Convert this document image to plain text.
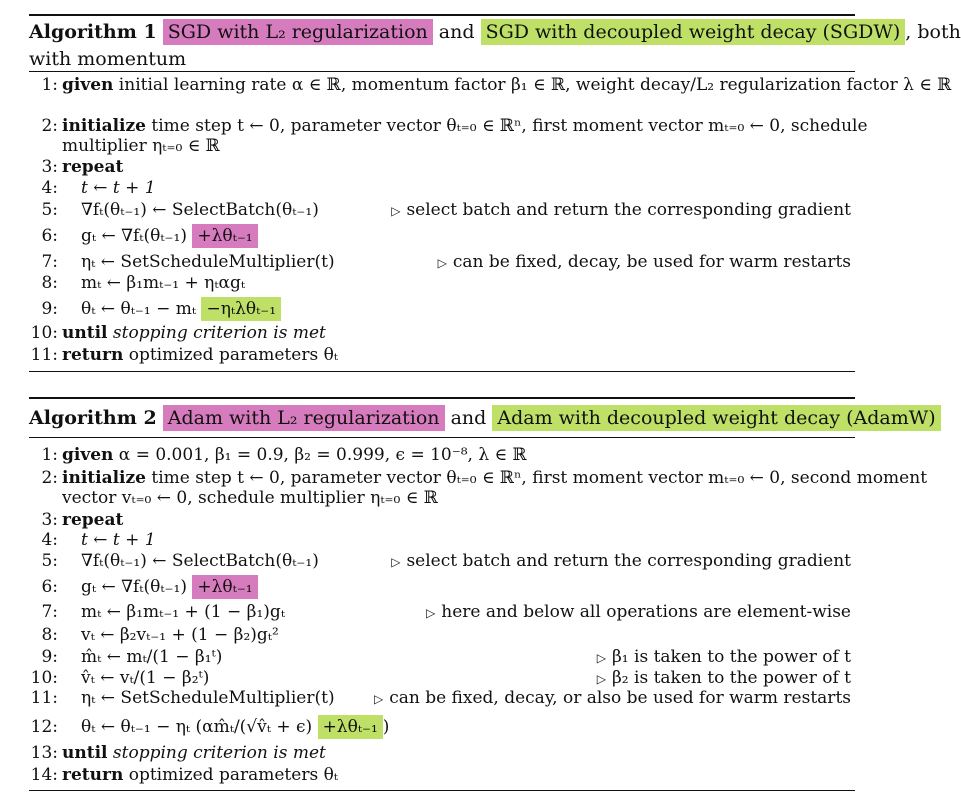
Algorithm 1 SGD with L₂ regularization and SGD with decoupled weight decay (SGDW) , both
with momentum
1: given initial learning rate α ∈ ℝ, momentum factor β₁ ∈ ℝ, weight decay/L₂ regularization factor λ ∈ ℝ
2: initialize time step t ← 0, parameter vector θₜ₌₀ ∈ ℝⁿ, first moment vector mₜ₌₀ ← 0, schedule
multiplier ηₜ₌₀ ∈ ℝ
3: repeat
4: t ← t + 1
5: ∇fₜ(θₜ₋₁) ← SelectBatch(θₜ₋₁)	▷ select batch and return the corresponding gradient
6: gₜ ← ∇fₜ(θₜ₋₁) +λθₜ₋₁
7: ηₜ ← SetScheduleMultiplier(t)	▷ can be fixed, decay, be used for warm restarts
8: mₜ ← β₁mₜ₋₁ + ηₜαgₜ
9: θₜ ← θₜ₋₁ − mₜ −ηₜλθₜ₋₁
10: until stopping criterion is met
11: return optimized parameters θₜ
Algorithm 2 Adam with L₂ regularization and Adam with decoupled weight decay (AdamW)
1: given α = 0.001, β₁ = 0.9, β₂ = 0.999, ϵ = 10⁻⁸, λ ∈ ℝ
2: initialize time step t ← 0, parameter vector θₜ₌₀ ∈ ℝⁿ, first moment vector mₜ₌₀ ← 0, second moment
vector vₜ₌₀ ← 0, schedule multiplier ηₜ₌₀ ∈ ℝ
3: repeat
4: t ← t + 1
5: ∇fₜ(θₜ₋₁) ← SelectBatch(θₜ₋₁)	▷ select batch and return the corresponding gradient
6: gₜ ← ∇fₜ(θₜ₋₁) +λθₜ₋₁
7: mₜ ← β₁mₜ₋₁ + (1 − β₁)gₜ	▷ here and below all operations are element-wise
8: vₜ ← β₂vₜ₋₁ + (1 − β₂)gₜ²
9: m̂ₜ ← mₜ/(1 − β₁ᵗ)	▷ β₁ is taken to the power of t
10: v̂ₜ ← vₜ/(1 − β₂ᵗ)	▷ β₂ is taken to the power of t
11: ηₜ ← SetScheduleMultiplier(t)	▷ can be fixed, decay, or also be used for warm restarts
12: θₜ ← θₜ₋₁ − ηₜ (αm̂ₜ/(√v̂ₜ + ϵ) +λθₜ₋₁ )
13: until stopping criterion is met
14: return optimized parameters θₜ
